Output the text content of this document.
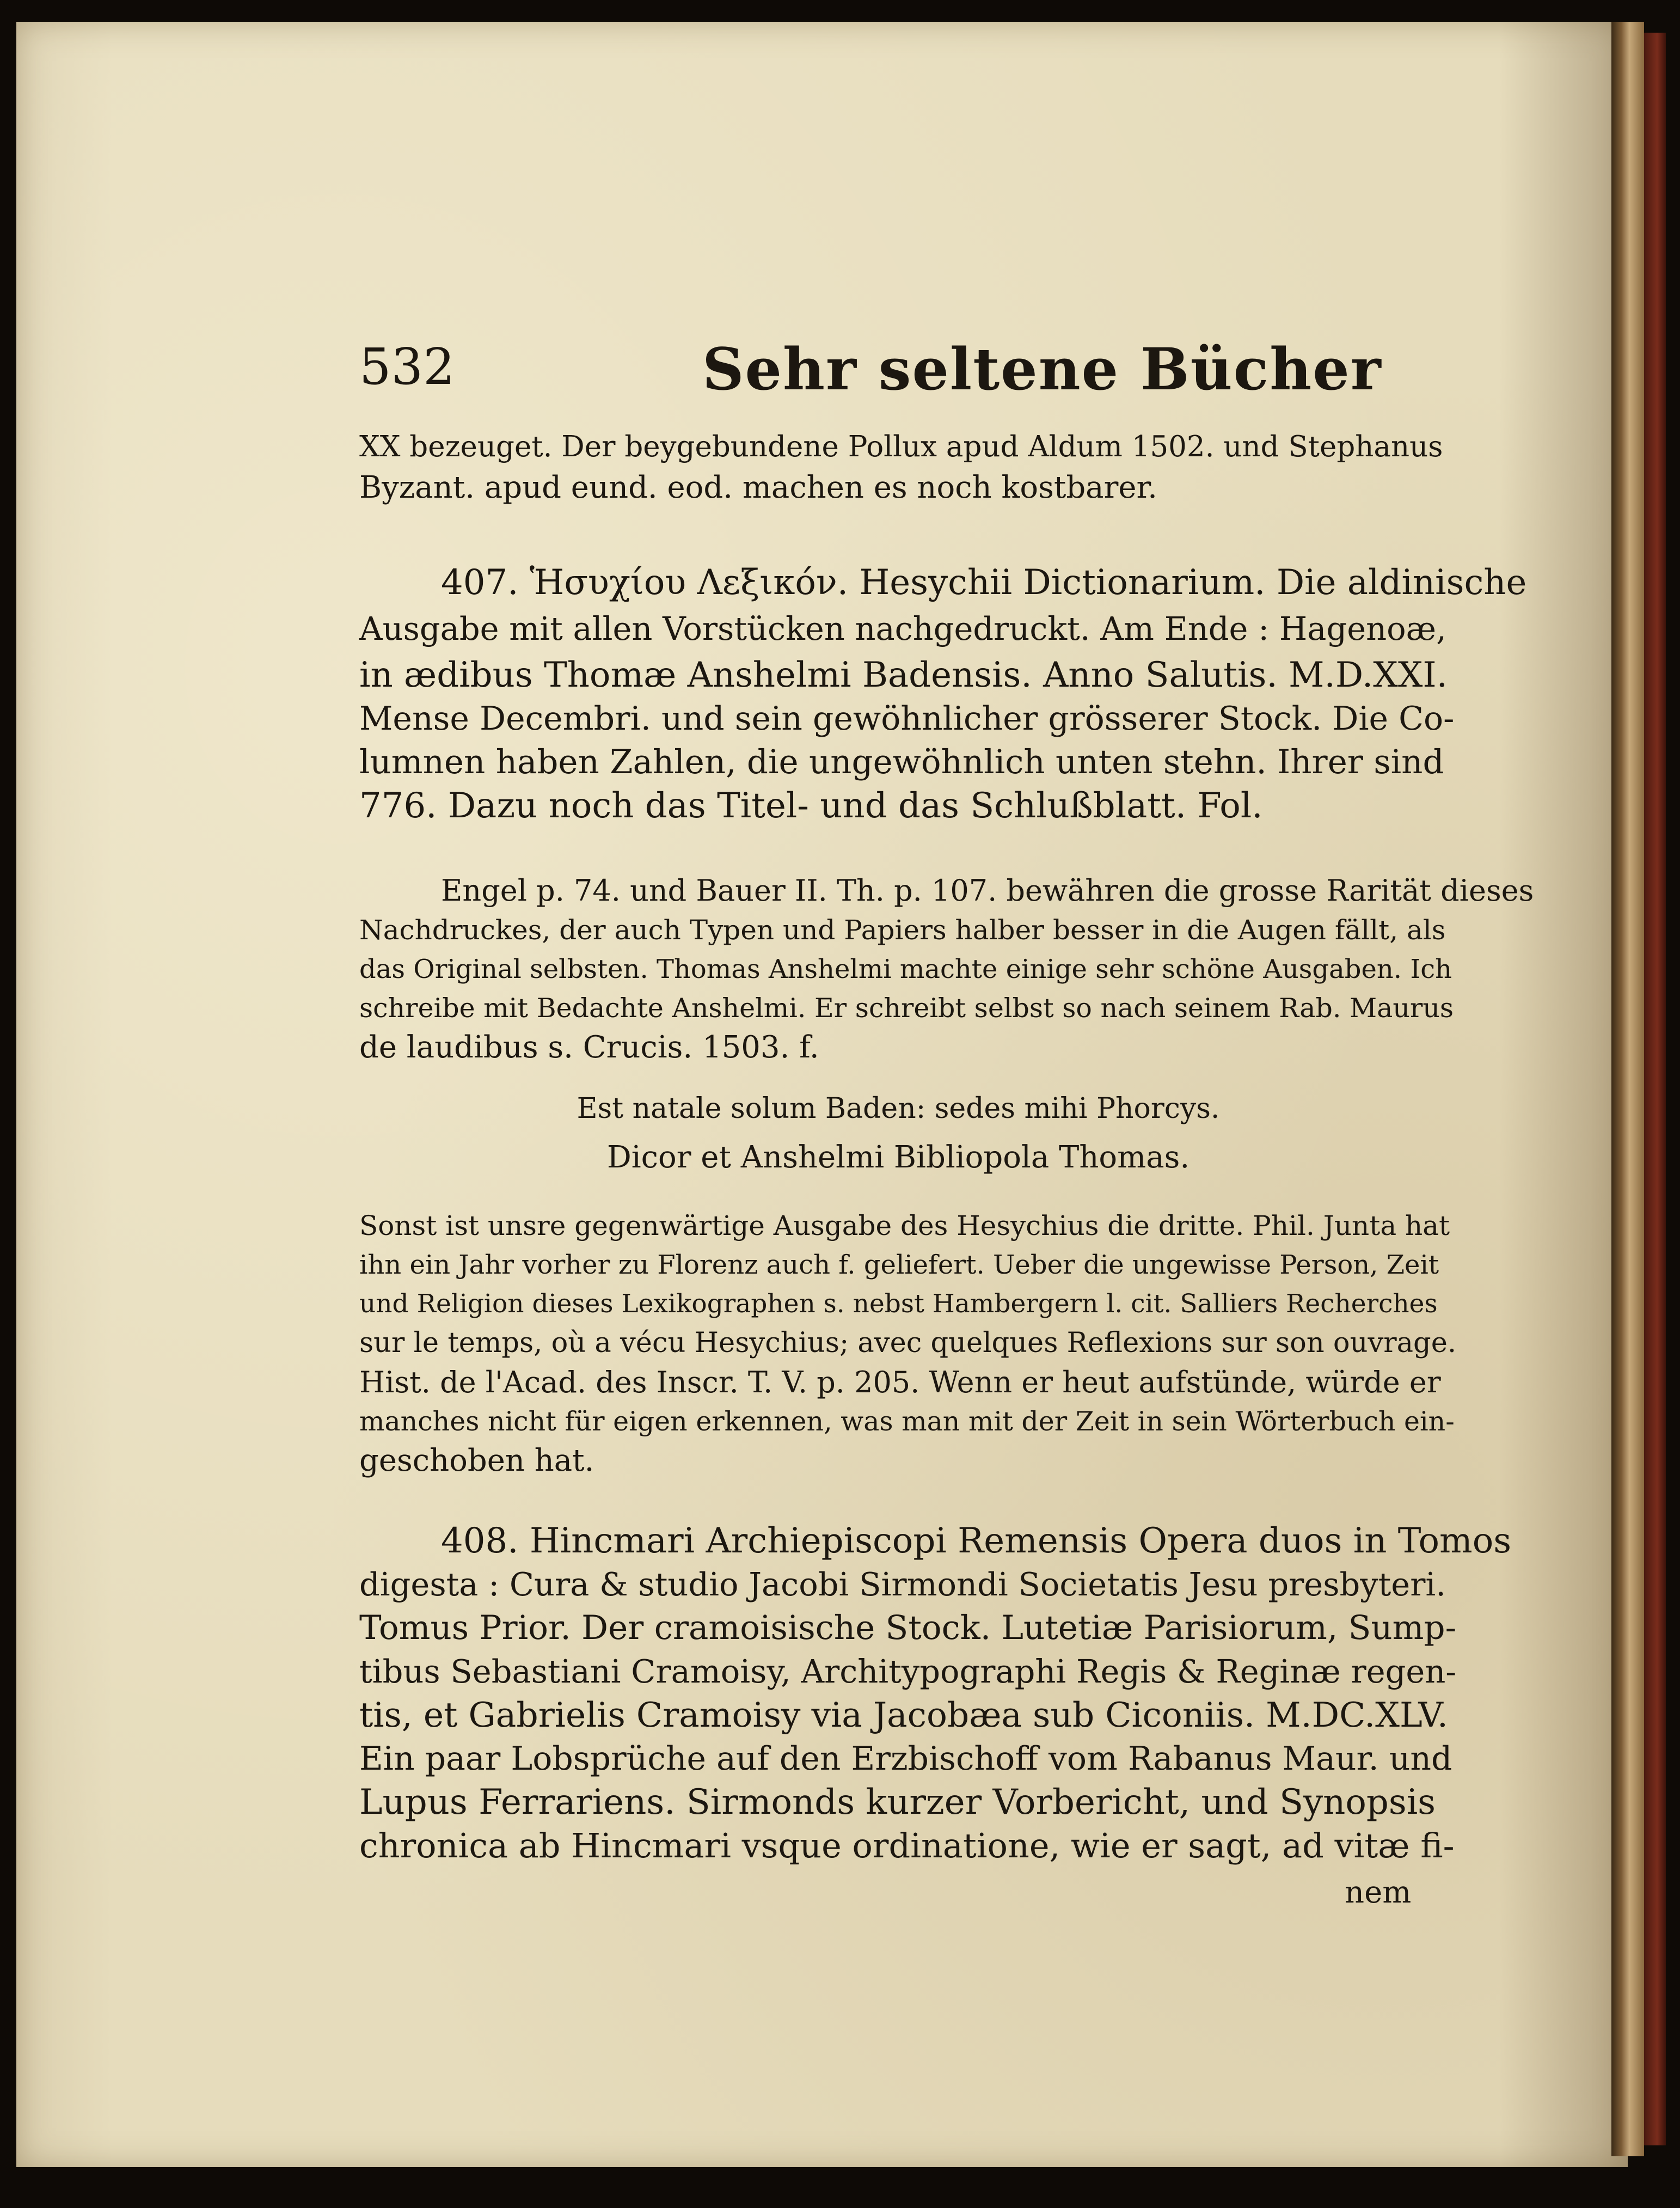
532	Sehr seltene Bücher
XX bezeuget. Der beygebundene Pollux apud Aldum 1502. und Stephanus
Byzant. apud eund. eod. machen es noch kostbarer.
407. Ἡσυχίου Λεξικόν. Hesychii Dictionarium. Die aldinische
Ausgabe mit allen Vorstücken nachgedruckt. Am Ende : Hagenoæ,
in ædibus Thomæ Anshelmi Badensis. Anno Salutis. M.D.XXI.
Mense Decembri. und sein gewöhnlicher grösserer Stock. Die Co-
lumnen haben Zahlen, die ungewöhnlich unten stehn. Ihrer sind
776. Dazu noch das Titel- und das Schlußblatt. Fol.
Engel p. 74. und Bauer II. Th. p. 107. bewähren die grosse Rarität dieses
Nachdruckes, der auch Typen und Papiers halber besser in die Augen fällt, als
das Original selbsten. Thomas Anshelmi machte einige sehr schöne Ausgaben. Ich
schreibe mit Bedachte Anshelmi. Er schreibt selbst so nach seinem Rab. Maurus
de laudibus s. Crucis. 1503. f.
Est natale solum Baden: sedes mihi Phorcys.
Dicor et Anshelmi Bibliopola Thomas.
Sonst ist unsre gegenwärtige Ausgabe des Hesychius die dritte. Phil. Junta hat
ihn ein Jahr vorher zu Florenz auch f. geliefert. Ueber die ungewisse Person, Zeit
und Religion dieses Lexikographen s. nebst Hambergern l. cit. Salliers Recherches
sur le temps, où a vécu Hesychius; avec quelques Reflexions sur son ouvrage.
Hist. de l'Acad. des Inscr. T. V. p. 205. Wenn er heut aufstünde, würde er
manches nicht für eigen erkennen, was man mit der Zeit in sein Wörterbuch ein-
geschoben hat.
408. Hincmari Archiepiscopi Remensis Opera duos in Tomos
digesta : Cura & studio Jacobi Sirmondi Societatis Jesu presbyteri.
Tomus Prior. Der cramoisische Stock. Lutetiæ Parisiorum, Sump-
tibus Sebastiani Cramoisy, Architypographi Regis & Reginæ regen-
tis, et Gabrielis Cramoisy via Jacobæa sub Ciconiis. M.DC.XLV.
Ein paar Lobsprüche auf den Erzbischoff vom Rabanus Maur. und
Lupus Ferrariens. Sirmonds kurzer Vorbericht, und Synopsis
chronica ab Hincmari vsque ordinatione, wie er sagt, ad vitæ fi-
nem
